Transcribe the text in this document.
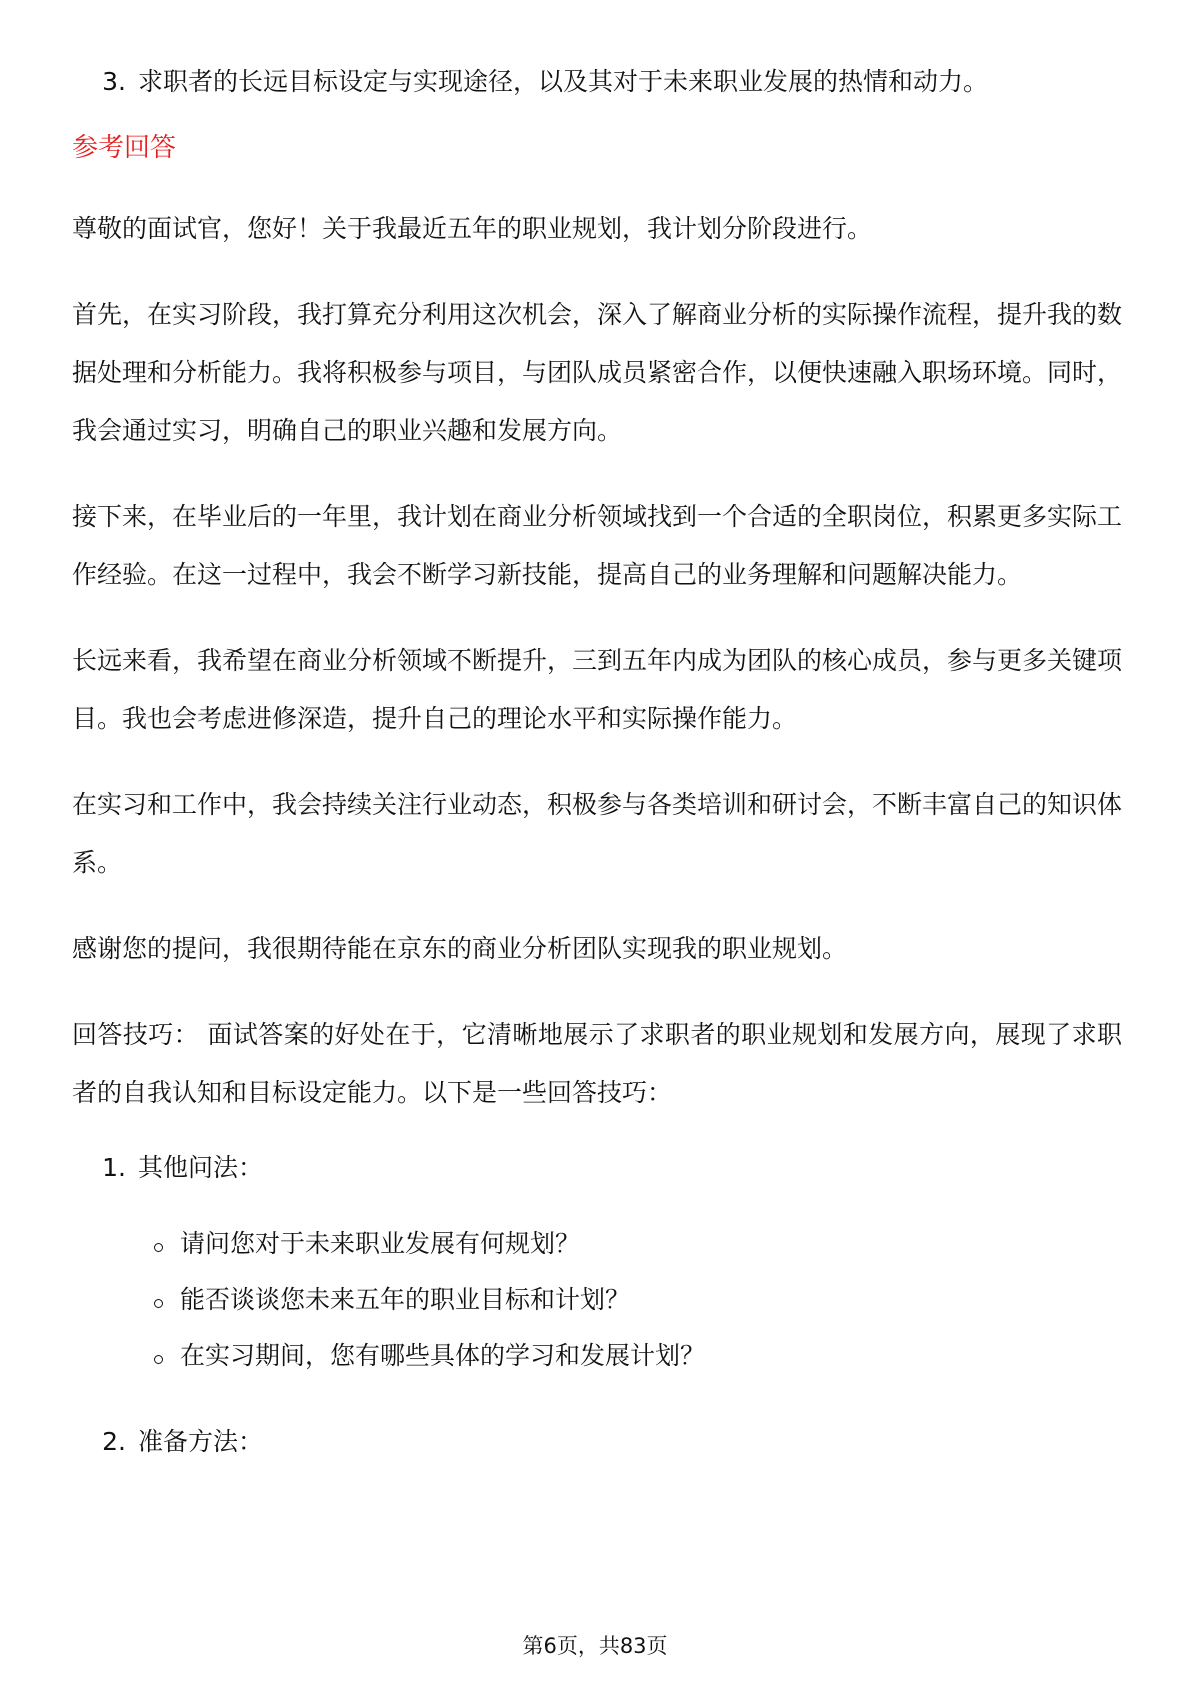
3. 求职者的长远目标设定与实现途径，以及其对于未来职业发展的热情和动力。
参考回答

尊敬的面试官，您好！关于我最近五年的职业规划，我计划分阶段进行。

首先，在实习阶段，我打算充分利用这次机会，深入了解商业分析的实际操作流程，提升我的数据处理和分析能力。我将积极参与项目，与团队成员紧密合作，以便快速融入职场环境。同时，我会通过实习，明确自己的职业兴趣和发展方向。

接下来，在毕业后的一年里，我计划在商业分析领域找到一个合适的全职岗位，积累更多实际工作经验。在这一过程中，我会不断学习新技能，提高自己的业务理解和问题解决能力。

长远来看，我希望在商业分析领域不断提升，三到五年内成为团队的核心成员，参与更多关键项目。我也会考虑进修深造，提升自己的理论水平和实际操作能力。

在实习和工作中，我会持续关注行业动态，积极参与各类培训和研讨会，不断丰富自己的知识体系。

感谢您的提问，我很期待能在京东的商业分析团队实现我的职业规划。

回答技巧： 面试答案的好处在于，它清晰地展示了求职者的职业规划和发展方向，展现了求职者的自我认知和目标设定能力。以下是一些回答技巧：

1. 其他问法：
请问您对于未来职业发展有何规划？
能否谈谈您未来五年的职业目标和计划？
在实习期间，您有哪些具体的学习和发展计划？
2. 准备方法：
第6页，共83页
